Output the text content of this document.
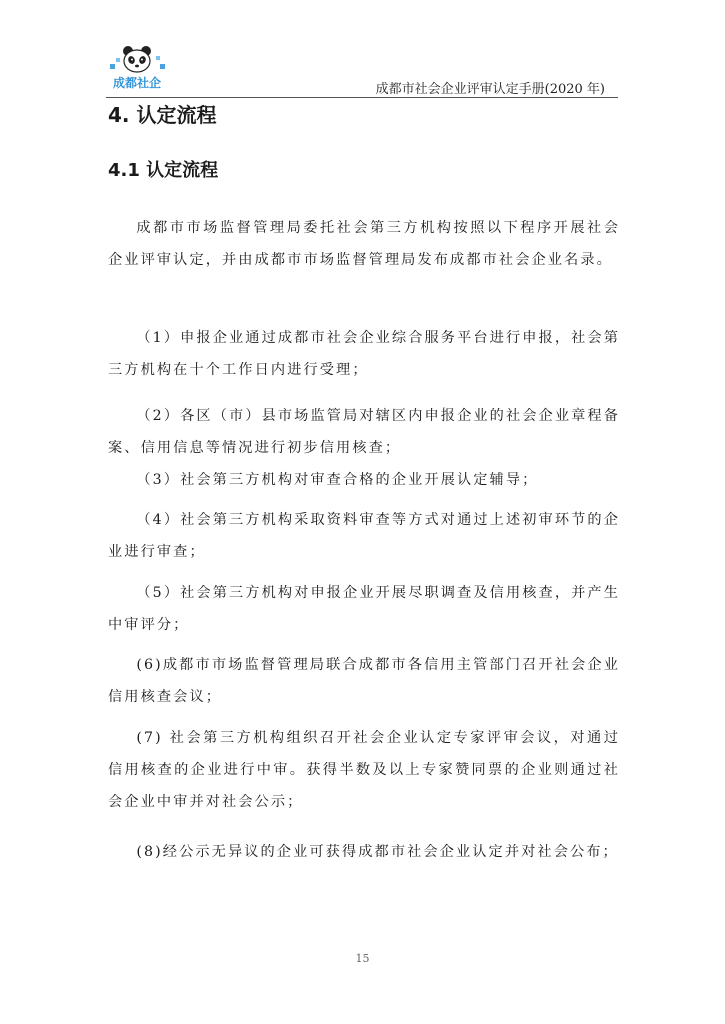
成都社企	成都市社会企业评审认定手册(2020 年)
4. 认定流程
4.1 认定流程
成都市市场监督管理局委托社会第三方机构按照以下程序开展社会企业评审认定，并由成都市市场监督管理局发布成都市社会企业名录。
（1）申报企业通过成都市社会企业综合服务平台进行申报，社会第三方机构在十个工作日内进行受理；
（2）各区（市）县市场监管局对辖区内申报企业的社会企业章程备案、信用信息等情况进行初步信用核查；
（3）社会第三方机构对审查合格的企业开展认定辅导；
（4）社会第三方机构采取资料审查等方式对通过上述初审环节的企业进行审查；
（5）社会第三方机构对申报企业开展尽职调查及信用核查，并产生中审评分；
(6)成都市市场监督管理局联合成都市各信用主管部门召开社会企业信用核查会议；
(7) 社会第三方机构组织召开社会企业认定专家评审会议，对通过信用核查的企业进行中审。获得半数及以上专家赞同票的企业则通过社会企业中审并对社会公示；
(8)经公示无异议的企业可获得成都市社会企业认定并对社会公布；
15
